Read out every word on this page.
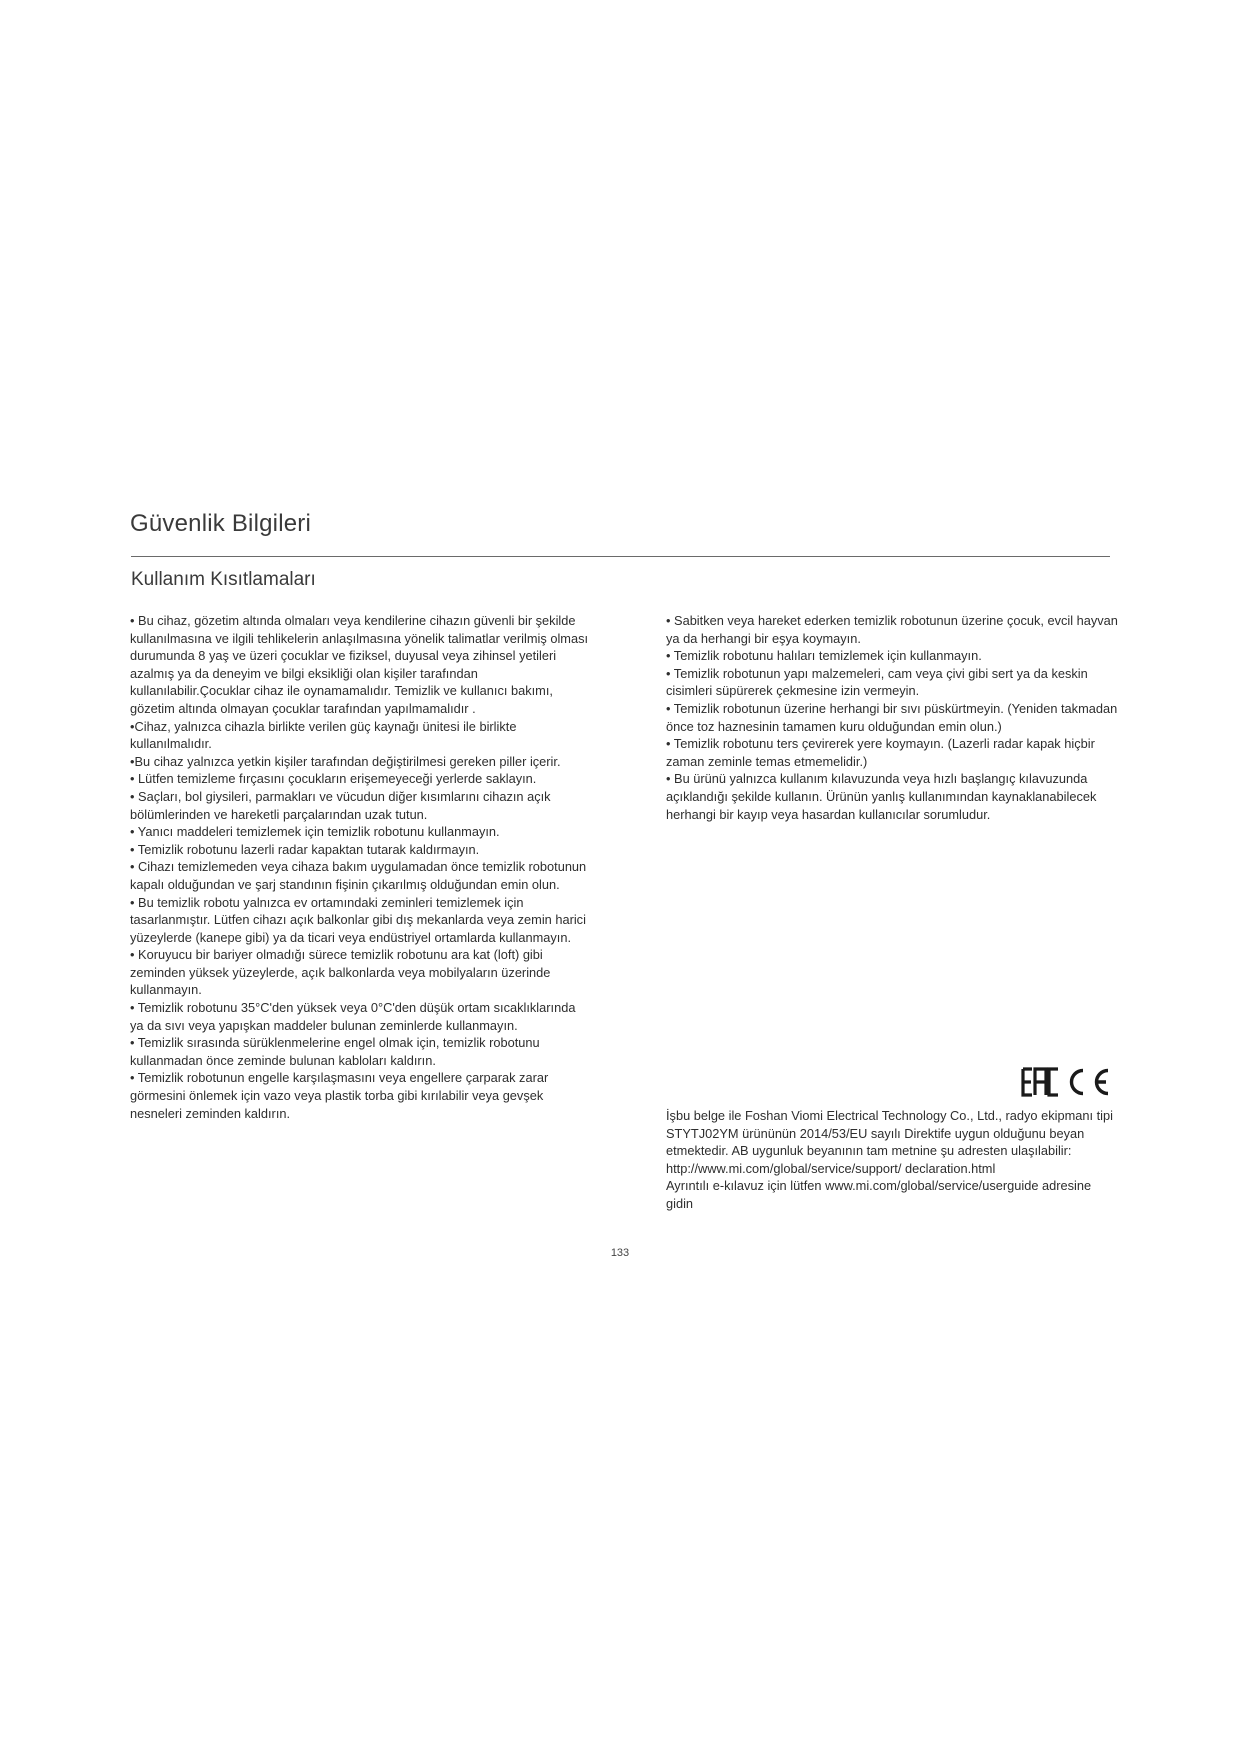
Güvenlik Bilgileri
Kullanım Kısıtlamaları

• Bu cihaz, gözetim altında olmaları veya kendilerine cihazın güvenli bir şekilde kullanılmasına ve ilgili tehlikelerin anlaşılmasına yönelik talimatlar verilmiş olması durumunda 8 yaş ve üzeri çocuklar ve fiziksel, duyusal veya zihinsel yetileri azalmış ya da deneyim ve bilgi eksikliği olan kişiler tarafından kullanılabilir.Çocuklar cihaz ile oynamamalıdır. Temizlik ve kullanıcı bakımı, gözetim altında olmayan çocuklar tarafından yapılmamalıdır .

•Cihaz, yalnızca cihazla birlikte verilen güç kaynağı ünitesi ile birlikte kullanılmalıdır.

•Bu cihaz yalnızca yetkin kişiler tarafından değiştirilmesi gereken piller içerir.

• Lütfen temizleme fırçasını çocukların erişemeyeceği yerlerde saklayın.

• Saçları, bol giysileri, parmakları ve vücudun diğer kısımlarını cihazın açık bölümlerinden ve hareketli parçalarından uzak tutun.

• Yanıcı maddeleri temizlemek için temizlik robotunu kullanmayın.

• Temizlik robotunu lazerli radar kapaktan tutarak kaldırmayın.

• Cihazı temizlemeden veya cihaza bakım uygulamadan önce temizlik robotunun kapalı olduğundan ve şarj standının fişinin çıkarılmış olduğundan emin olun.

• Bu temizlik robotu yalnızca ev ortamındaki zeminleri temizlemek için tasarlanmıştır. Lütfen cihazı açık balkonlar gibi dış mekanlarda veya zemin harici yüzeylerde (kanepe gibi) ya da ticari veya endüstriyel ortamlarda kullanmayın.

• Koruyucu bir bariyer olmadığı sürece temizlik robotunu ara kat (loft) gibi zeminden yüksek yüzeylerde, açık balkonlarda veya mobilyaların üzerinde kullanmayın.

• Temizlik robotunu 35°C'den yüksek veya 0°C'den düşük ortam sıcaklıklarında ya da sıvı veya yapışkan maddeler bulunan zeminlerde kullanmayın.

• Temizlik sırasında sürüklenmelerine engel olmak için, temizlik robotunu kullanmadan önce zeminde bulunan kabloları kaldırın.

• Temizlik robotunun engelle karşılaşmasını veya engellere çarparak zarar görmesini önlemek için vazo veya plastik torba gibi kırılabilir veya gevşek nesneleri zeminden kaldırın.

• Sabitken veya hareket ederken temizlik robotunun üzerine çocuk, evcil hayvan ya da herhangi bir eşya koymayın.

• Temizlik robotunu halıları temizlemek için kullanmayın.

• Temizlik robotunun yapı malzemeleri, cam veya çivi gibi sert ya da keskin cisimleri süpürerek çekmesine izin vermeyin.

• Temizlik robotunun üzerine herhangi bir sıvı püskürtmeyin. (Yeniden takmadan önce toz haznesinin tamamen kuru olduğundan emin olun.)

• Temizlik robotunu ters çevirerek yere koymayın. (Lazerli radar kapak hiçbir zaman zeminle temas etmemelidir.)

• Bu ürünü yalnızca kullanım kılavuzunda veya hızlı başlangıç kılavuzunda açıklandığı şekilde kullanın. Ürünün yanlış kullanımından kaynaklanabilecek herhangi bir kayıp veya hasardan kullanıcılar sorumludur.

İşbu belge ile Foshan Viomi Electrical Technology Co., Ltd., radyo ekipmanı tipi STYTJ02YM ürününün 2014/53/EU sayılı Direktife uygun olduğunu beyan etmektedir. AB uygunluk beyanının tam metnine şu adresten ulaşılabilir: http://www.mi.com/global/service/support/ declaration.html

Ayrıntılı e-kılavuz için lütfen www.mi.com/global/service/userguide adresine gidin

133
